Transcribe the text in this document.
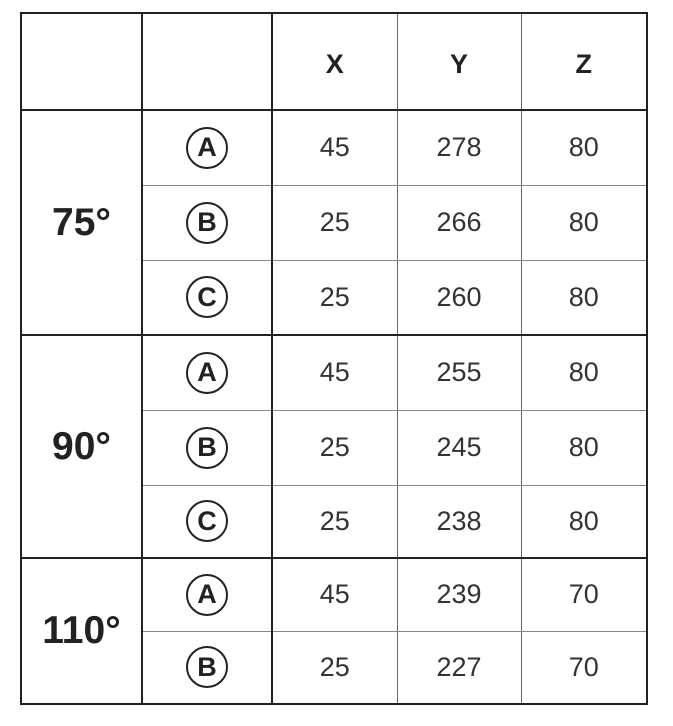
		X	Y	Z
75°	A	45	278	80
	B	25	266	80
	C	25	260	80
90°	A	45	255	80
	B	25	245	80
	C	25	238	80
110°	A	45	239	70
	B	25	227	70
